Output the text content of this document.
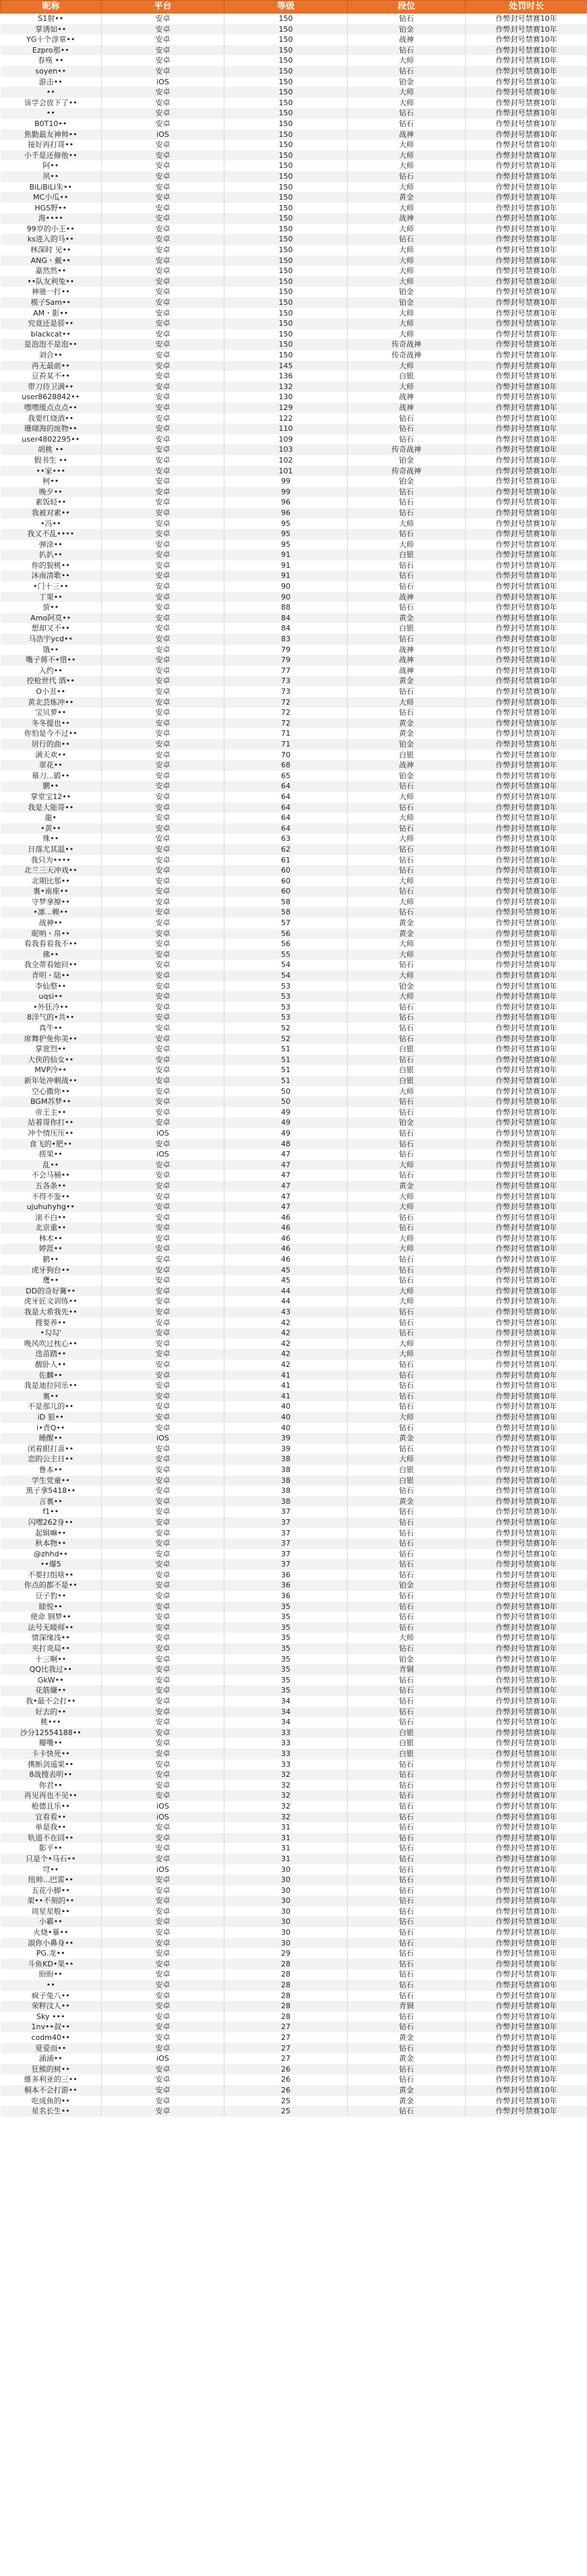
昵称	平台	等级	段位	处罚时长
S1射••	安卓	150	钻石	作弊封号禁赛10年
掌诱如••	安卓	150	铂金	作弊封号禁赛10年
YG十个淳章••	安卓	150	战神	作弊封号禁赛10年
Ezpro那••	安卓	150	钻石	作弊封号禁赛10年
春殇 ••	安卓	150	大师	作弊封号禁赛10年
soyen••	安卓	150	钻石	作弊封号禁赛10年
游击••	iOS	150	铂金	作弊封号禁赛10年
••	安卓	150	大师	作弊封号禁赛10年
该学会放下了••	安卓	150	大师	作弊封号禁赛10年
••	安卓	150	钻石	作弊封号禁赛10年
B0T10••	安卓	150	钻石	作弊封号禁赛10年
焦勤最友神帅••	iOS	150	战神	作弊封号禁赛10年
接好再打哥••	安卓	150	大师	作弊封号禁赛10年
小千是还修他••	安卓	150	大师	作弊封号禁赛10年
阿••	安卓	150	大师	作弊封号禁赛10年
夙••	安卓	150	钻石	作弊封号禁赛10年
BiLiBiLi朱••	安卓	150	大师	作弊封号禁赛10年
MC小瓜••	安卓	150	黄金	作弊封号禁赛10年
HGS野••	安卓	150	大师	作弊封号禁赛10年
海••••	安卓	150	战神	作弊封号禁赛10年
99岁的小王••	安卓	150	大师	作弊封号禁赛10年
ks进入的马••	安卓	150	钻石	作弊封号禁赛10年
林深时 见••	安卓	150	大师	作弊封号禁赛10年
ANG・戴••	安卓	150	大师	作弊封号禁赛10年
嘉然然••	安卓	150	大师	作弊封号禁赛10年
••队友利兔••	安卓	150	大师	作弊封号禁赛10年
神驰一打••	安卓	150	铂金	作弊封号禁赛10年
模子Sam••	安卓	150	铂金	作弊封号禁赛10年
AM・影••	安卓	150	大师	作弊封号禁赛10年
究竟还是骄••	安卓	150	大师	作弊封号禁赛10年
blackcat••	安卓	150	大师	作弊封号禁赛10年
是泡泡不是泡••	安卓	150	传奇战神	作弊封号禁赛10年
刘合••	安卓	150	传奇战神	作弊封号禁赛10年
再无最前••	安卓	145	大师	作弊封号禁赛10年
豆苔某不••	安卓	136	白银	作弊封号禁赛10年
带刀侍卫满••	安卓	132	大师	作弊封号禁赛10年
user8628842••	安卓	130	战神	作弊封号禁赛10年
嘿嘿缓点点点••	安卓	129	战神	作弊封号禁赛10年
我要红烧酒••	安卓	122	钻石	作弊封号禁赛10年
珊瑚海的废物••	安卓	110	钻石	作弊封号禁赛10年
user4802295••	安卓	109	钻石	作弊封号禁赛10年
胡桃 ••	安卓	103	传奇战神	作弊封号禁赛10年
假书生 ••	安卓	102	铂金	作弊封号禁赛10年
••家•••	安卓	101	传奇战神	作弊封号禁赛10年
柯••	安卓	99	铂金	作弊封号禁赛10年
晚夕••	安卓	99	钻石	作弊封号禁赛10年
素饭轻••	安卓	96	钻石	作弊封号禁赛10年
我被对素••	安卓	96	钻石	作弊封号禁赛10年
•冯••	安卓	95	大师	作弊封号禁赛10年
我又不乱••••	安卓	95	钻石	作弊封号禁赛10年
弹涂••	安卓	95	大师	作弊封号禁赛10年
扒扒••	安卓	91	白银	作弊封号禁赛10年
你的貌桃••	安卓	91	钻石	作弊封号禁赛10年
沐南清歌••	安卓	91	钻石	作弊封号禁赛10年
•门十三••	安卓	90	钻石	作弊封号禁赛10年
丁果••	安卓	90	战神	作弊封号禁赛10年
萤••	安卓	88	钻石	作弊封号禁赛10年
Amo阿莫••	安卓	84	黄金	作弊封号禁赛10年
想却又不••	安卓	84	白银	作弊封号禁赛10年
马浩宇ycd••	安卓	83	钻石	作弊封号禁赛10年
饿••	安卓	79	战神	作弊封号禁赛10年
嘴子蒋不•惜••	安卓	79	战神	作弊封号禁赛10年
入约••	安卓	77	战神	作弊封号禁赛10年
控枪世代 酒••	安卓	73	黄金	作弊封号禁赛10年
O小丑••	安卓	73	钻石	作弊封号禁赛10年
黄北芸炼冲••	安卓	72	大师	作弊封号禁赛10年
宝贝萝••	安卓	72	钻石	作弊封号禁赛10年
冬冬提也••	安卓	72	黄金	作弊封号禁赛10年
你怕是今不过••	安卓	71	黄金	作弊封号禁赛10年
居行的曲••	安卓	71	铂金	作弊封号禁赛10年
满天欢••	安卓	70	白银	作弊封号禁赛10年
翠花••	安卓	68	战神	作弊封号禁赛10年
幕刀...锻••	安卓	65	铂金	作弊封号禁赛10年
鹏••	安卓	64	钻石	作弊封号禁赛10年
掌堂宝12••	安卓	64	大师	作弊封号禁赛10年
我是大能哥••	安卓	64	钻石	作弊封号禁赛10年
龍•	安卓	64	大师	作弊封号禁赛10年
•黄••	安卓	64	钻石	作弊封号禁赛10年
殊••	安卓	63	大师	作弊封号禁赛10年
日落尤其温••	安卓	62	钻石	作弊封号禁赛10年
我只为••••	安卓	61	钻石	作弊封号禁赛10年
北兰三天冲戏••	安卓	60	钻石	作弊封号禁赛10年
北期比那••	安卓	60	大师	作弊封号禁赛10年
裏•南座••	安卓	60	钻石	作弊封号禁赛10年
守梦拿撩••	安卓	58	大师	作弊封号禁赛10年
•凛...赖••	安卓	58	钻石	作弊封号禁赛10年
战神••	安卓	57	黄金	作弊封号禁赛10年
昵呐・帛••	安卓	56	黄金	作弊封号禁赛10年
看我看看我不••	安卓	56	大师	作弊封号禁赛10年
佛••	安卓	55	大师	作弊封号禁赛10年
我全蒂看她回••	安卓	54	钻石	作弊封号禁赛10年
青明・陆••	安卓	54	大师	作弊封号禁赛10年
李仙整••	安卓	53	铂金	作弊封号禁赛10年
uqsi••	安卓	53	大师	作弊封号禁赛10年
•外狂冷••	安卓	53	钻石	作弊封号禁赛10年
8洋气的•共••	安卓	53	钻石	作弊封号禁赛10年
真牛••	安卓	52	钻石	作弊封号禁赛10年
席舞护免你美••	安卓	52	钻石	作弊封号禁赛10年
掌萱烈••	安卓	51	白银	作弊封号禁赛10年
大侠的仙女••	安卓	51	钻石	作弊封号禁赛10年
MVP冷••	安卓	51	白银	作弊封号禁赛10年
新年处冲剩战••	安卓	51	白银	作弊封号禁赛10年
空心撒你••	安卓	50	大师	作弊封号禁赛10年
BGM苏梦••	安卓	50	钻石	作弊封号禁赛10年
帝王主••	安卓	49	钻石	作弊封号禁赛10年
站着哥你打••	安卓	49	铂金	作弊封号禁赛10年
冲个情压压••	iOS	49	钻石	作弊封号禁赛10年
食飞的•肥••	安卓	48	钻石	作弊封号禁赛10年
搓果••	iOS	47	钻石	作弊封号禁赛10年
乱••	安卓	47	大师	作弊封号禁赛10年
不会马桶••	安卓	47	钻石	作弊封号禁赛10年
五各条••	安卓	47	黄金	作弊封号禁赛10年
不得不鉴••	安卓	47	大师	作弊封号禁赛10年
ujuhuhyhg••	安卓	47	大师	作弊封号禁赛10年
滚不白••	安卓	46	钻石	作弊封号禁赛10年
北京重••	安卓	46	钻石	作弊封号禁赛10年
林木••	安卓	46	大师	作弊封号禁赛10年
婷涯••	安卓	46	大师	作弊封号禁赛10年
鹤••	安卓	46	钻石	作弊封号禁赛10年
虎牙狗台••	安卓	45	钻石	作弊封号禁赛10年
鹰••	安卓	45	钻石	作弊封号禁赛10年
DD的奇好篝••	安卓	44	大师	作弊封号禁赛10年
虎牙匠文训练••	安卓	44	大师	作弊封号禁赛10年
我是大希我先••	安卓	43	钻石	作弊封号禁赛10年
搜要养••	安卓	42	钻石	作弊封号禁赛10年
•勾勾'	安卓	42	钻石	作弊封号禁赛10年
晚风吹过枕心••	安卓	42	大师	作弊封号禁赛10年
迭苗踏••	安卓	42	大师	作弊封号禁赛10年
醒卧人••	安卓	42	钻石	作弊封号禁赛10年
佐麟••	安卓	41	钻石	作弊封号禁赛10年
我是迪拉同乐••	安卓	41	钻石	作弊封号禁赛10年
裏••	安卓	41	钻石	作弊封号禁赛10年
不是那儿的••	安卓	40	钻石	作弊封号禁赛10年
iD 狼••	安卓	40	大师	作弊封号禁赛10年
i•青Q••	安卓	40	钻石	作弊封号禁赛10年
睡醒••	iOS	39	黄金	作弊封号禁赛10年
闭着眼打喜••	安卓	39	钻石	作弊封号禁赛10年
恋的公主日••	安卓	38	大师	作弊封号禁赛10年
鲁本••	安卓	38	白银	作弊封号禁赛10年
学生党童••	安卓	38	白银	作弊封号禁赛10年
黑子拿5418••	安卓	38	钻石	作弊封号禁赛10年
言裏••	安卓	38	黄金	作弊封号禁赛10年
f1••	安卓	37	钻石	作弊封号禁赛10年
闪嘿262身••	安卓	37	钻石	作弊封号禁赛10年
起辑嘛••	安卓	37	钻石	作弊封号禁赛10年
秋本物••	安卓	37	钻石	作弊封号禁赛10年
@zhhd••	安卓	37	钻石	作弊封号禁赛10年
••爆5	安卓	37	钻石	作弊封号禁赛10年
不要打组啥••	安卓	36	钻石	作弊封号禁赛10年
你点的都不是••	安卓	36	铂金	作弊封号禁赛10年
豆子豹••	安卓	36	钻石	作弊封号禁赛10年
睦悦••	安卓	35	钻石	作弊封号禁赛10年
使命 钢梦••	安卓	35	钻石	作弊封号禁赛10年
法号无暖师••	安卓	35	钻石	作弊封号禁赛10年
情深缘浅••	安卓	35	大师	作弊封号禁赛10年
夹打炎局••	安卓	35	钻石	作弊封号禁赛10年
十三啊••	安卓	35	铂金	作弊封号禁赛10年
QQ比我过••	安卓	35	青铜	作弊封号禁赛10年
GkW••	安卓	35	钻石	作弊封号禁赛10年
花筋嫌••	安卓	35	钻石	作弊封号禁赛10年
我•最不会打••	安卓	34	钻石	作弊封号禁赛10年
好去的••	安卓	34	钻石	作弊封号禁赛10年
桃•••	安卓	34	钻石	作弊封号禁赛10年
沙分12554188••	安卓	33	白银	作弊封号禁赛10年
瓣嘴••	安卓	33	白银	作弊封号禁赛10年
卡卡快死••	安卓	33	白银	作弊封号禁赛10年
携断剑遥果••	安卓	33	钻石	作弊封号禁赛10年
8战搜表明••	安卓	32	钻石	作弊封号禁赛10年
你君••	安卓	32	钻石	作弊封号禁赛10年
再见再也不见••	安卓	32	钻石	作弊封号禁赛10年
枪德且乐••	iOS	32	钻石	作弊封号禁赛10年
宜看看••	iOS	32	钻石	作弊封号禁赛10年
单是我••	安卓	31	钻石	作弊封号禁赛10年
轨道不在回••	安卓	31	钻石	作弊封号禁赛10年
影平••	安卓	31	钻石	作弊封号禁赛10年
只是个•马石••	安卓	31	钻石	作弊封号禁赛10年
穹••	iOS	30	钻石	作弊封号禁赛10年
纽帅...巴雷••	安卓	30	钻石	作弊封号禁赛10年
五花小脚••	安卓	30	钻石	作弊封号禁赛10年
架••不刻的••	安卓	30	钻石	作弊封号禁赛10年
周星星般••	安卓	30	钻石	作弊封号禁赛10年
小霸••	安卓	30	钻石	作弊封号禁赛10年
火烧•暴••	安卓	30	钻石	作弊封号禁赛10年
淑你小鼻身••	安卓	30	钻石	作弊封号禁赛10年
PG.龙••	安卓	29	钻石	作弊封号禁赛10年
斗鱼KD•果••	安卓	28	钻石	作弊封号禁赛10年
盼盼••	安卓	28	钻石	作弊封号禁赛10年
••	安卓	28	钻石	作弊封号禁赛10年
疯子兔八••	安卓	28	钻石	作弊封号禁赛10年
荣粹汶人••	安卓	28	青铜	作弊封号禁赛10年
Sky •••	安卓	28	钻石	作弊封号禁赛10年
1nv••叔••	安卓	27	钻石	作弊封号禁赛10年
codm40••	安卓	27	黄金	作弊封号禁赛10年
夏爱而••	安卓	27	钻石	作弊封号禁赛10年
涌涌••	iOS	27	黄金	作弊封号禁赛10年
狂熊的树••	安卓	26	钻石	作弊封号禁赛10年
維多利亚的三••	安卓	26	钻石	作弊封号禁赛10年
桐本不会打游••	安卓	26	黄金	作弊封号禁赛10年
吃成鱼的••	安卓	25	黄金	作弊封号禁赛10年
星名长生••	安卓	25	钻石	作弊封号禁赛10年
